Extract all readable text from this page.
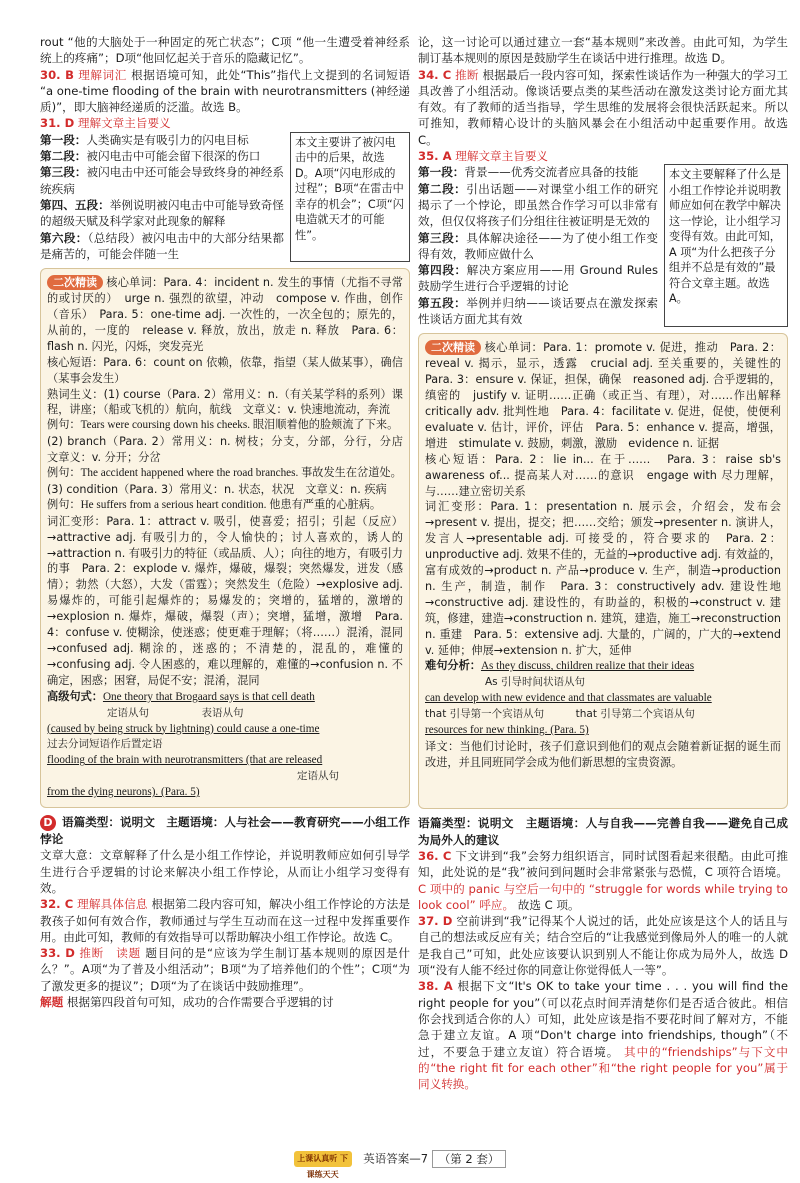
rout “他的大脑处于一种固定的死亡状态”；C项 “他一生遭受着神经系统上的疼痛”；D项“他回忆起关于音乐的隐藏记忆”。

30. B 理解词汇 根据语境可知，此处“This”指代上文提到的名词短语 “a one-time flooding of the brain with neurotransmitters (神经递质)”，即大脑神经递质的泛滥。故选 B。

31. D 理解文章主旨要义

第一段：人类确实是有吸引力的闪电目标

第二段：被闪电击中可能会留下很深的伤口

第三段：被闪电击中还可能会导致终身的神经系统疾病

第四、五段：举例说明被闪电击中可能导致奇怪的超级天赋及科学家对此现象的解释

第六段：（总结段）被闪电击中的大部分结果都是痛苦的，可能会伴随一生

本文主要讲了被闪电击中的后果，故选 D。A项“闪电形成的过程”；B项“在雷击中幸存的机会”；C项“闪电造就天才的可能性”。

二次精读 核心单词：Para. 4：incident n. 发生的事情（尤指不寻常的或讨厌的）　urge n. 强烈的欲望，冲动　compose v. 作曲，创作（音乐）　Para. 5：one-time adj. 一次性的，一次全包的；原先的，从前的，一度的　release v. 释放，放出，放走 n. 释放　Para. 6：flash n. 闪光，闪烁，突发亮光

核心短语：Para. 6：count on 依赖，依靠，指望（某人做某事），确信（某事会发生）

熟词生义：(1) course（Para. 2）常用义：n.（有关某学科的系列）课程，讲座；（船或飞机的）航向，航线　文章义：v. 快速地流动，奔流

例句：Tears were coursing down his cheeks. 眼泪顺着他的脸颊流了下来。

(2) branch（Para. 2）常用义：n. 树枝；分支，分部，分行，分店　文章义：v. 分开；分岔

例句：The accident happened where the road branches. 事故发生在岔道处。

(3) condition（Para. 3）常用义：n. 状态，状况　文章义：n. 疾病

例句：He suffers from a serious heart condition. 他患有严重的心脏病。

词汇变形：Para. 1：attract v. 吸引，使喜爱；招引；引起（反应）→attractive adj. 有吸引力的，令人愉快的；讨人喜欢的，诱人的→attraction n. 有吸引力的特征（或品质、人）；向往的地方，有吸引力的事　Para. 2：explode v. 爆炸，爆破，爆裂；突然爆发，迸发（感情）；勃然（大怒），大发（雷霆）；突然发生（危险）→explosive adj. 易爆炸的，可能引起爆炸的；易爆发的；突增的，猛增的，激增的→explosion n. 爆炸，爆破，爆裂（声）；突增，猛增，激增　Para. 4：confuse v. 使糊涂，使迷惑；使更难于理解；（将……）混淆，混同→confused adj. 糊涂的，迷惑的；不清楚的，混乱的，难懂的→confusing adj. 令人困惑的，难以理解的，难懂的→confusion n. 不确定，困惑；困窘，局促不安；混淆，混同

高级句式：One theory that Brogaard says is that cell death

定语从句　　　　　表语从句

(caused by being struck by lightning) could cause a one-time

过去分词短语作后置定语

flooding of the brain with neurotransmitters (that are released

定语从句

from the dying neurons). (Para. 5)

D 语篇类型：说明文　主题语境：人与社会——教育研究——小组工作悖论

文章大意：文章解释了什么是小组工作悖论，并说明教师应如何引导学生进行合乎逻辑的讨论来解决小组工作悖论，从而让小组学习变得有效。

32. C 理解具体信息 根据第二段内容可知，解决小组工作悖论的方法是教孩子如何有效合作，教师通过与学生互动而在这一过程中发挥重要作用。由此可知，教师的有效指导可以帮助解决小组工作悖论。故选 C。

33. D 推断　读题 题目问的是“应该为学生制订基本规则的原因是什么？”。A项“为了普及小组活动”；B项“为了培养他们的个性”；C项“为了激发更多的提议”；D项“为了在谈话中鼓励推理”。

解题 根据第四段首句可知，成功的合作需要合乎逻辑的讨

论，这一讨论可以通过建立一套“基本规则”来改善。由此可知，为学生制订基本规则的原因是鼓励学生在谈话中进行推理。故选 D。

34. C 推断 根据最后一段内容可知，探索性谈话作为一种强大的学习工具改善了小组活动。像谈话要点类的某些活动在激发这类讨论方面尤其有效。有了教师的适当指导，学生思维的发展将会很快活跃起来。所以可推知，教师精心设计的头脑风暴会在小组活动中起重要作用。故选 C。

35. A 理解文章主旨要义

第一段：背景——优秀交流者应具备的技能

第二段：引出话题——对课堂小组工作的研究揭示了一个悖论，即虽然合作学习可以非常有效，但仅仅将孩子们分组往往被证明是无效的

第三段：具体解决途径——为了使小组工作变得有效，教师应做什么

第四段：解决方案应用——用 Ground Rules 鼓励学生进行合乎逻辑的讨论

第五段：举例并归纳——谈话要点在激发探索性谈话方面尤其有效

本文主要解释了什么是小组工作悖论并说明教师应如何在教学中解决这一悖论，让小组学习变得有效。由此可知，A 项“为什么把孩子分组并不总是有效的”最符合文章主题。故选 A。

二次精读 核心单词：Para. 1：promote v. 促进，推动　Para. 2：reveal v. 揭示，显示，透露　crucial adj. 至关重要的，关键性的　Para. 3：ensure v. 保证，担保，确保　reasoned adj. 合乎逻辑的，缜密的　justify v. 证明……正确（或正当、有理），对……作出解释　critically adv. 批判性地　Para. 4：facilitate v. 促进，促使，使便利　evaluate v. 估计，评价，评估　Para. 5：enhance v. 提高，增强，增进　stimulate v. 鼓励，刺激，激励　evidence n. 证据

核心短语：Para. 2：lie in... 在于……　Para. 3：raise sb's awareness of... 提高某人对……的意识　engage with 尽力理解，与……建立密切关系

词汇变形：Para. 1：presentation n. 展示会，介绍会，发布会→present v. 提出，提交；把……交给；颁发→presenter n. 演讲人，发言人→presentable adj. 可接受的，符合要求的　Para. 2：unproductive adj. 效果不佳的，无益的→productive adj. 有效益的，富有成效的→product n. 产品→produce v. 生产，制造→production n. 生产，制造，制作　Para. 3：constructively adv. 建设性地→constructive adj. 建设性的，有助益的，积极的→construct v. 建筑，修建，建造→construction n. 建筑，建造，施工→reconstruction n. 重建　Para. 5：extensive adj. 大量的，广阔的，广大的→extend v. 延伸；伸展→extension n. 扩大，延伸

难句分析：As they discuss, children realize that their ideas

As 引导时间状语从句

can develop with new evidence and that classmates are valuable

that 引导第一个宾语从句　　　that 引导第二个宾语从句

resources for new thinking. (Para. 5)

译文：当他们讨论时，孩子们意识到他们的观点会随着新证据的诞生而改进，并且同班同学会成为他们新思想的宝贵资源。

语篇类型：说明文　主题语境：人与自我——完善自我——避免自己成为局外人的建议

36. C 下文讲到“我”会努力组织语言，同时试图看起来很酷。由此可推知，此处说的是“我”被问到问题时会非常紧张与恐慌，C 项符合语境。 C 项中的 panic 与空后一句中的 “struggle for words while trying to look cool” 呼应。 故选 C 项。

37. D 空前讲到“我”记得某个人说过的话，此处应该是这个人的话且与自己的想法或反应有关；结合空后的“让我感觉到像局外人的唯一的人就是我自己”可知，此处应该要认识到别人不能让你成为局外人，故选 D 项“没有人能不经过你的同意让你觉得低人一等”。

38. A 根据下文“It's OK to take your time . . . you will find the right people for you”（可以花点时间弄清楚你们是否适合彼此。相信你会找到适合你的人）可知，此处应该是指不要花时间了解对方，不能急于建立友谊。A 项“Don't charge into friendships, though”（不过，不要急于建立友谊）符合语境。 其中的“friendships”与下文中的“the right fit for each other”和“the right people for you”属于同义转换。

上课认真听 下课练天天 英语答案—7 （第 2 套）
